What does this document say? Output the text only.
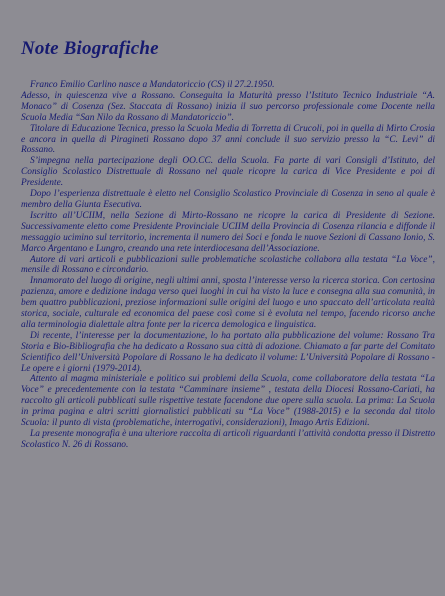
Note Biografiche

Franco Emilio Carlino nasce a Mandatoriccio (CS) il 27.2.1950.

Adesso, in quiescenza vive a Rossano. Conseguita la Maturità presso l’Istituto Tecnico Industriale “A. Monaco” di Cosenza (Sez. Staccata di Rossano) inizia il suo percorso professionale come Docente nella Scuola Media “San Nilo da Rossano di Mandatoriccio”.

Titolare di Educazione Tecnica, presso la Scuola Media di Torretta di Crucoli, poi in quella di Mirto Crosia e ancora in quella di Piragineti Rossano dopo 37 anni conclude il suo servizio presso la “C. Levi” di Rossano.

S’impegna nella partecipazione degli OO.CC. della Scuola. Fa parte di vari Consigli d’Istituto, del Consiglio Scolastico Distrettuale di Rossano nel quale ricopre la carica di Vice Presidente e poi di Presidente.

Dopo l’esperienza distrettuale è eletto nel Consiglio Scolastico Provinciale di Cosenza in seno al quale è membro della Giunta Esecutiva.

Iscritto all’UCIIM, nella Sezione di Mirto-Rossano ne ricopre la carica di Presidente di Sezione. Successivamente eletto come Presidente Provinciale UCIIM della Provincia di Cosenza rilancia e diffonde il messaggio ucimino sul territorio, incrementa il numero dei Soci e fonda le nuove Sezioni di Cassano Ionio, S. Marco Argentano e Lungro, creando una rete interdiocesana dell’Associazione.

Autore di vari articoli e pubblicazioni sulle problematiche scolastiche collabora alla testata “La Voce”, mensile di Rossano e circondario.

Innamorato del luogo di origine, negli ultimi anni, sposta l’interesse verso la ricerca storica. Con certosina pazienza, amore e dedizione indaga verso quei luoghi in cui ha visto la luce e consegna alla sua comunità, in bem quattro pubblicazioni, preziose informazioni sulle origini del luogo e uno spaccato dell’articolata realtà storica, sociale, culturale ed economica del paese così come si è evoluta nel tempo, facendo ricorso anche alla terminologia dialettale altra fonte per la ricerca demologica e linguistica.

Di recente, l’interesse per la documentazione, lo ha portato alla pubblicazione del volume: Rossano Tra Storia e Bio-Bibliografia che ha dedicato a Rossano sua città di adozione. Chiamato a far parte del Comitato Scientifico dell’Università Popolare di Rossano le ha dedicato il volume: L’Università Popolare di Rossano - Le opere e i giorni (1979-2014).

Attento al magma ministeriale e politico sui problemi della Scuola, come collaboratore della testata “La Voce” e precedentemente con la testata “Camminare insieme” , testata della Diocesi Rossano-Cariati, ha raccolto gli articoli pubblicati sulle rispettive testate facendone due opere sulla scuola. La prima: La Scuola in prima pagina e altri scritti giornalistici pubblicati su “La Voce” (1988-2015) e la seconda dal titolo Scuola: il punto di vista (problematiche, interrogativi, considerazioni), Imago Artis Edizioni.

La presente monografia è una ulteriore raccolta di articoli riguardanti l’attività condotta presso il Distretto Scolastico N. 26 di Rossano.
